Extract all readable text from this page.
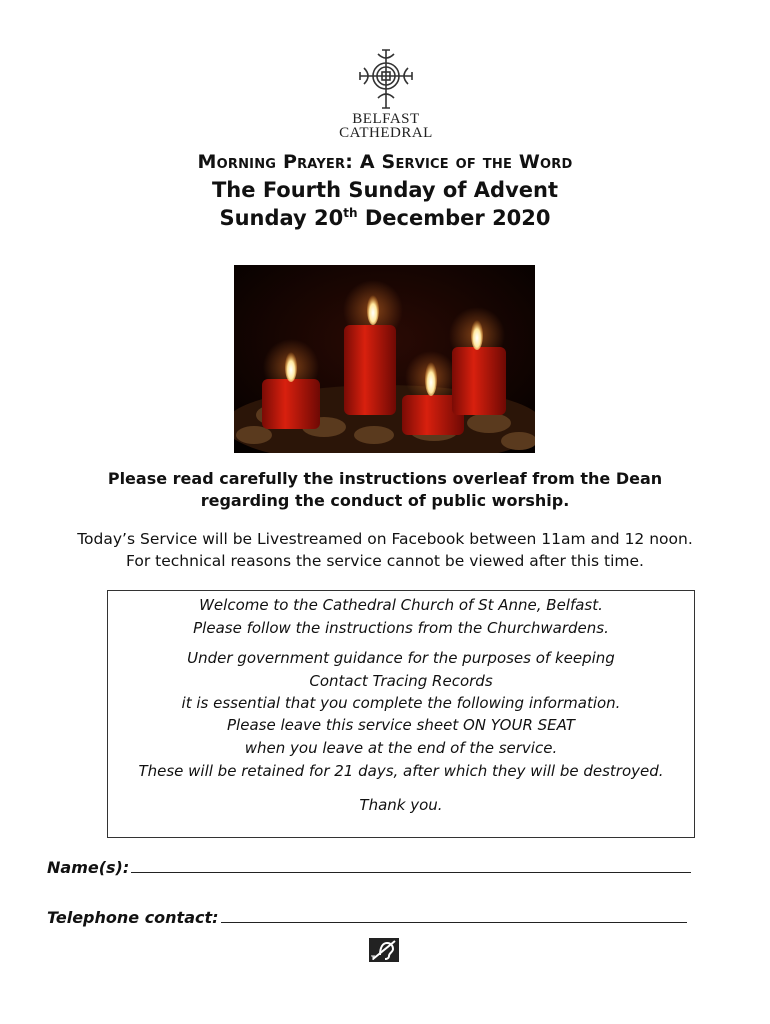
BELFAST
CATHEDRAL
Morning Prayer: A Service of the Word
The Fourth Sunday of Advent
Sunday 20th December 2020
Please read carefully the instructions overleaf from the Dean
regarding the conduct of public worship.
Today’s Service will be Livestreamed on Facebook between 11am and 12 noon.
For technical reasons the service cannot be viewed after this time.
Welcome to the Cathedral Church of St Anne, Belfast.
Please follow the instructions from the Churchwardens.
Under government guidance for the purposes of keeping
Contact Tracing Records
it is essential that you complete the following information.
Please leave this service sheet ON YOUR SEAT
when you leave at the end of the service.
These will be retained for 21 days, after which they will be destroyed.
Thank you.
Name(s):
Telephone contact:
T
